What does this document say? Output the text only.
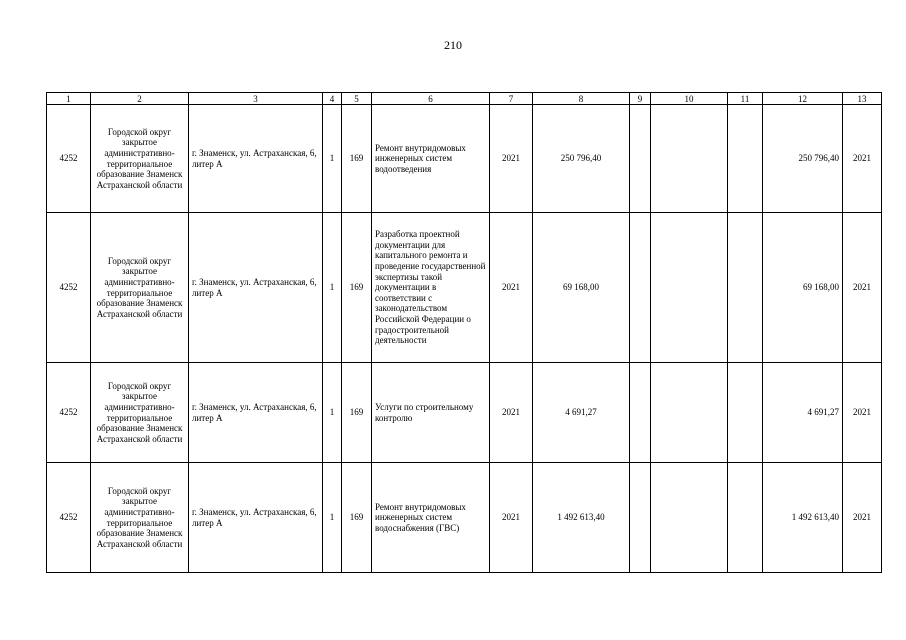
210
1	2	3	4	5	6	7	8	9	10	11	12	13
4252	Городской округ закрытое административно-территориальное образование Знаменск Астраханской области	г. Знаменск, ул. Астраханская, 6, литер А	1	169	Ремонт внутридомовых инженерных систем водоотведения	2021	250 796,40				250 796,40	2021
4252	Городской округ закрытое административно-территориальное образование Знаменск Астраханской области	г. Знаменск, ул. Астраханская, 6, литер А	1	169	Разработка проектной документации для капитального ремонта и проведение государственной экспертизы такой документации в соответствии с законодательством Российской Федерации о градостроительной деятельности	2021	69 168,00				69 168,00	2021
4252	Городской округ закрытое административно-территориальное образование Знаменск Астраханской области	г. Знаменск, ул. Астраханская, 6, литер А	1	169	Услуги по строительному контролю	2021	4 691,27				4 691,27	2021
4252	Городской округ закрытое административно-территориальное образование Знаменск Астраханской области	г. Знаменск, ул. Астраханская, 6, литер А	1	169	Ремонт внутридомовых инженерных систем водоснабжения (ГВС)	2021	1 492 613,40				1 492 613,40	2021
